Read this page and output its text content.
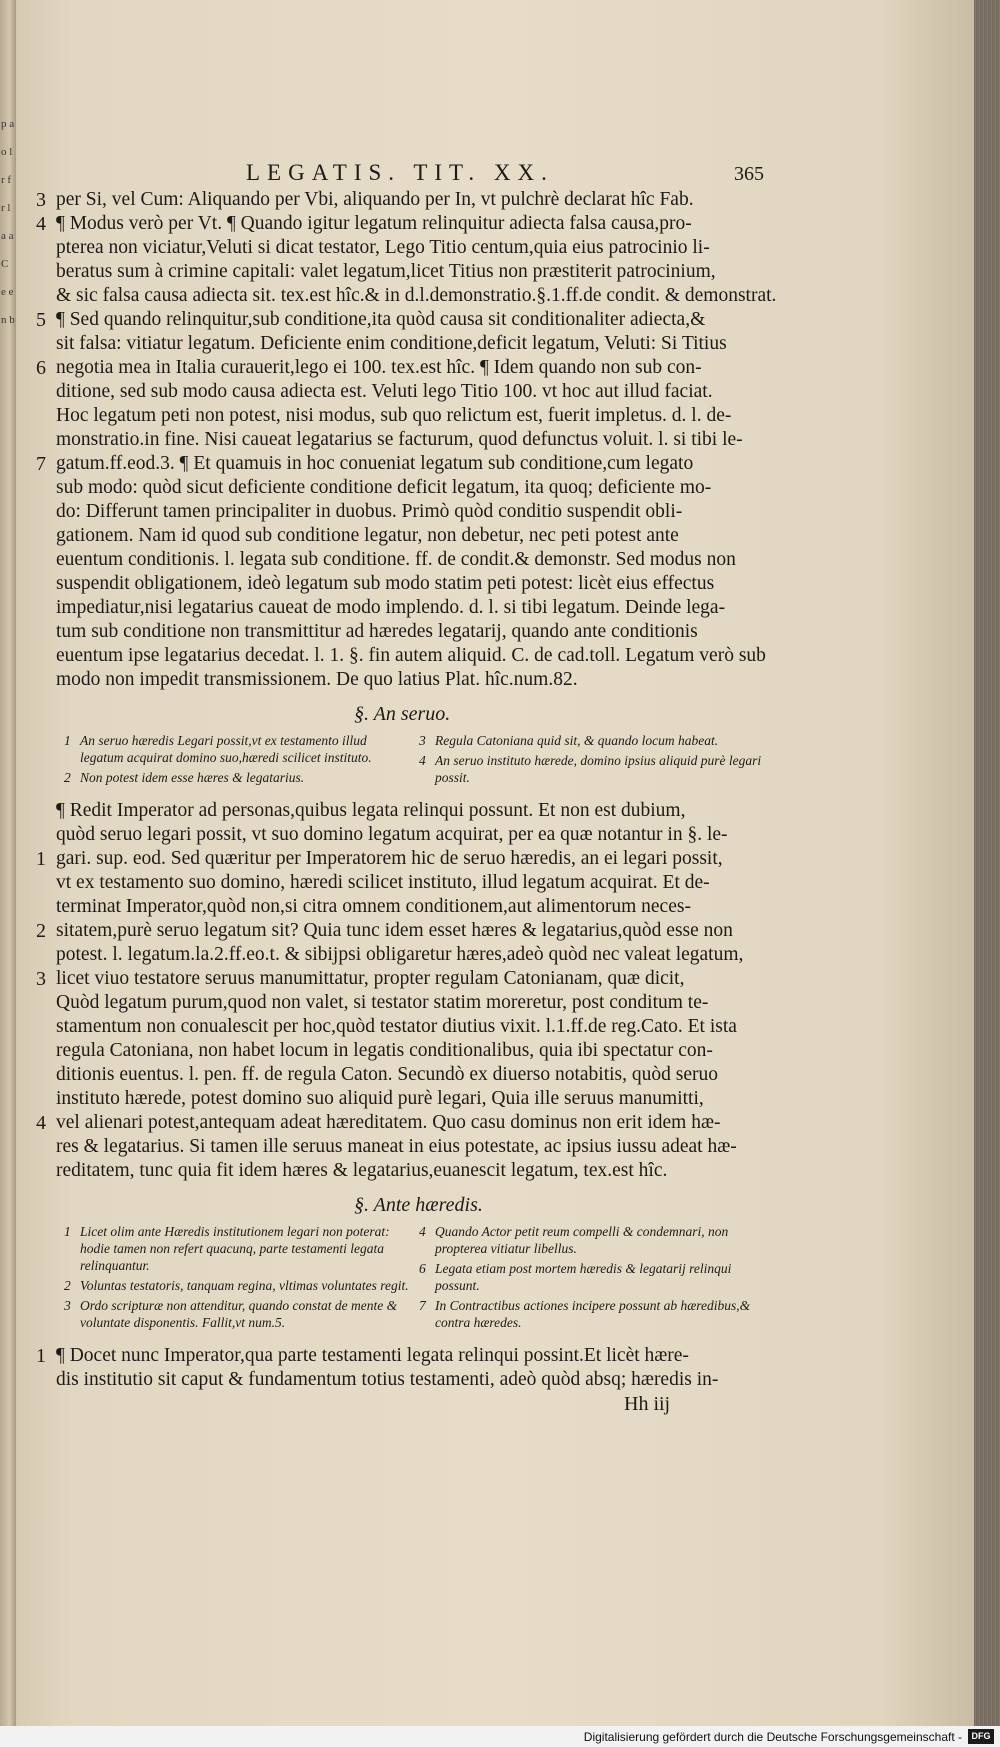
p a o l r f r l a a C e e n b
LEGATIS. TIT. XX.	365
3 per Si, vel Cum: Aliquando per Vbi, aliquando per In, vt pulchrè declarat hîc Fab.
4 ¶ Modus verò per Vt. ¶ Quando igitur legatum relinquitur adiecta falsa causa,pro-
pterea non viciatur,Veluti si dicat testator, Lego Titio centum,quia eius patrocinio li-
beratus sum à crimine capitali: valet legatum,licet Titius non præstiterit patrocinium,
& sic falsa causa adiecta sit. tex.est hîc.& in d.l.demonstratio.§.1.ff.de condit. & demonstrat.
5 ¶ Sed quando relinquitur,sub conditione,ita quòd causa sit conditionaliter adiecta,&
sit falsa: vitiatur legatum. Deficiente enim conditione,deficit legatum, Veluti: Si Titius
6 negotia mea in Italia curauerit,lego ei 100. tex.est hîc. ¶ Idem quando non sub con-
ditione, sed sub modo causa adiecta est. Veluti lego Titio 100. vt hoc aut illud faciat.
Hoc legatum peti non potest, nisi modus, sub quo relictum est, fuerit impletus. d. l. de-
monstratio.in fine. Nisi caueat legatarius se facturum, quod defunctus voluit. l. si tibi le-
7 gatum.ff.eod.3. ¶ Et quamuis in hoc conueniat legatum sub conditione,cum legato
sub modo: quòd sicut deficiente conditione deficit legatum, ita quoq; deficiente mo-
do: Differunt tamen principaliter in duobus. Primò quòd conditio suspendit obli-
gationem. Nam id quod sub conditione legatur, non debetur, nec peti potest ante
euentum conditionis. l. legata sub conditione. ff. de condit.& demonstr. Sed modus non
suspendit obligationem, ideò legatum sub modo statim peti potest: licèt eius effectus
impediatur,nisi legatarius caueat de modo implendo. d. l. si tibi legatum. Deinde lega-
tum sub conditione non transmittitur ad hæredes legatarij, quando ante conditionis
euentum ipse legatarius decedat. l. 1. §. fin autem aliquid. C. de cad.toll. Legatum verò sub
modo non impedit transmissionem. De quo latius Plat. hîc.num.82.
§. An seruo.
1 An seruo hæredis Legari possit,vt ex testamento illud legatum acquirat domino suo,hæredi scilicet instituto.
2 Non potest idem esse hæres & legatarius.
3 Regula Catoniana quid sit, & quando locum habeat.
4 An seruo instituto hærede, domino ipsius aliquid purè legari possit.
¶ Redit Imperator ad personas,quibus legata relinqui possunt. Et non est dubium,
quòd seruo legari possit, vt suo domino legatum acquirat, per ea quæ notantur in §. le-
1 gari. sup. eod. Sed quæritur per Imperatorem hic de seruo hæredis, an ei legari possit,
vt ex testamento suo domino, hæredi scilicet instituto, illud legatum acquirat. Et de-
terminat Imperator,quòd non,si citra omnem conditionem,aut alimentorum neces-
2 sitatem,purè seruo legatum sit? Quia tunc idem esset hæres & legatarius,quòd esse non
potest. l. legatum.la.2.ff.eo.t. & sibijpsi obligaretur hæres,adeò quòd nec valeat legatum,
3 licet viuo testatore seruus manumittatur, propter regulam Catonianam, quæ dicit,
Quòd legatum purum,quod non valet, si testator statim moreretur, post conditum te-
stamentum non conualescit per hoc,quòd testator diutius vixit. l.1.ff.de reg.Cato. Et ista
regula Catoniana, non habet locum in legatis conditionalibus, quia ibi spectatur con-
ditionis euentus. l. pen. ff. de regula Caton. Secundò ex diuerso notabitis, quòd seruo
instituto hærede, potest domino suo aliquid purè legari, Quia ille seruus manumitti,
4 vel alienari potest,antequam adeat hæreditatem. Quo casu dominus non erit idem hæ-
res & legatarius. Si tamen ille seruus maneat in eius potestate, ac ipsius iussu adeat hæ-
reditatem, tunc quia fit idem hæres & legatarius,euanescit legatum, tex.est hîc.
§. Ante hæredis.
1 Licet olim ante Hæredis institutionem legari non poterat: hodie tamen non refert quacunq, parte testamenti legata relinquantur.
2 Voluntas testatoris, tanquam regina, vltimas voluntates regit.
3 Ordo scripturæ non attenditur, quando constat de mente & voluntate disponentis. Fallit,vt num.5.
4 Quando Actor petit reum compelli & condemnari, non propterea vitiatur libellus.
6 Legata etiam post mortem hæredis & legatarij relinqui possunt.
7 In Contractibus actiones incipere possunt ab hæredibus,& contra hæredes.
1 ¶ Docet nunc Imperator,qua parte testamenti legata relinqui possint.Et licèt hære-
dis institutio sit caput & fundamentum totius testamenti, adeò quòd absq; hæredis in-
Hh iij
Digitalisierung gefördert durch die Deutsche Forschungsgemeinschaft -	DFG
